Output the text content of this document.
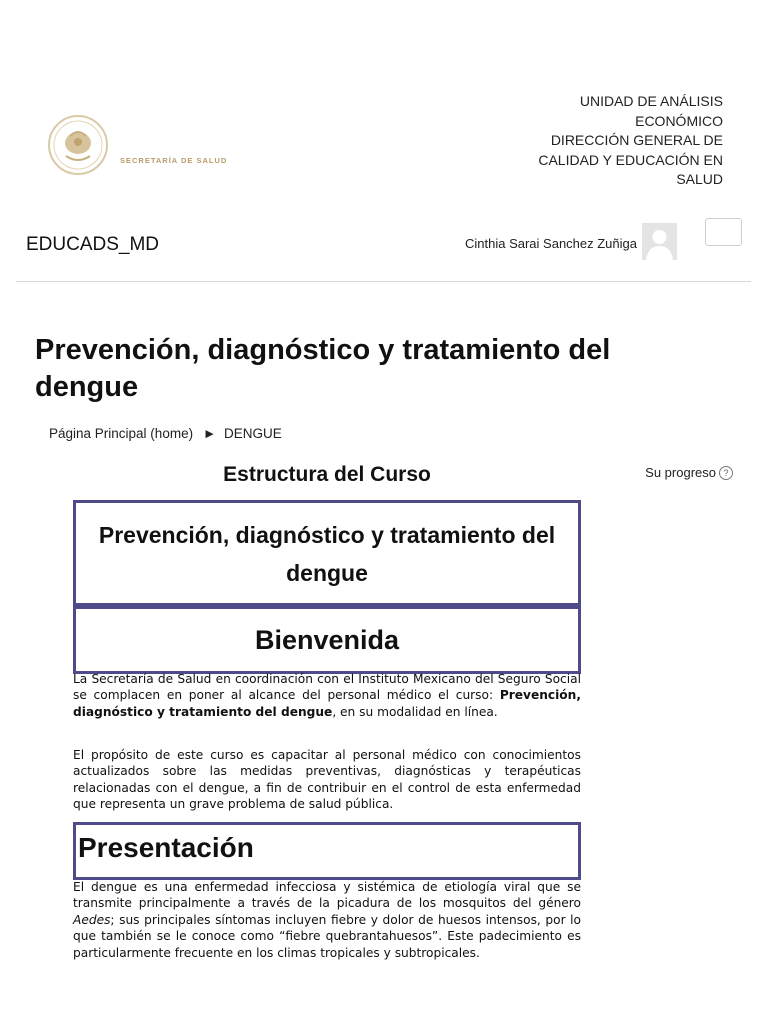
SECRETARÍA DE SALUD
UNIDAD DE ANÁLISIS
ECONÓMICO
DIRECCIÓN GENERAL DE
CALIDAD Y EDUCACIÓN EN
SALUD
EDUCADS_MD	Cinthia Sarai Sanchez Zuñiga
Prevención, diagnóstico y tratamiento del dengue
Página Principal (home) ► DENGUE
Estructura del Curso	Su progreso ?
Prevención, diagnóstico y tratamiento del dengue
Bienvenida
La Secretaría de Salud en coordinación con el Instituto Mexicano del Seguro Social se complacen en poner al alcance del personal médico el curso: Prevención, diagnóstico y tratamiento del dengue, en su modalidad en línea.
El propósito de este curso es capacitar al personal médico con conocimientos actualizados sobre las medidas preventivas, diagnósticas y terapéuticas relacionadas con el dengue, a fin de contribuir en el control de esta enfermedad que representa un grave problema de salud pública.
Presentación
El dengue es una enfermedad infecciosa y sistémica de etiología viral que se transmite principalmente a través de la picadura de los mosquitos del género Aedes; sus principales síntomas incluyen fiebre y dolor de huesos intensos, por lo que también se le conoce como “fiebre quebrantahuesos”. Este padecimiento es particularmente frecuente en los climas tropicales y subtropicales.
